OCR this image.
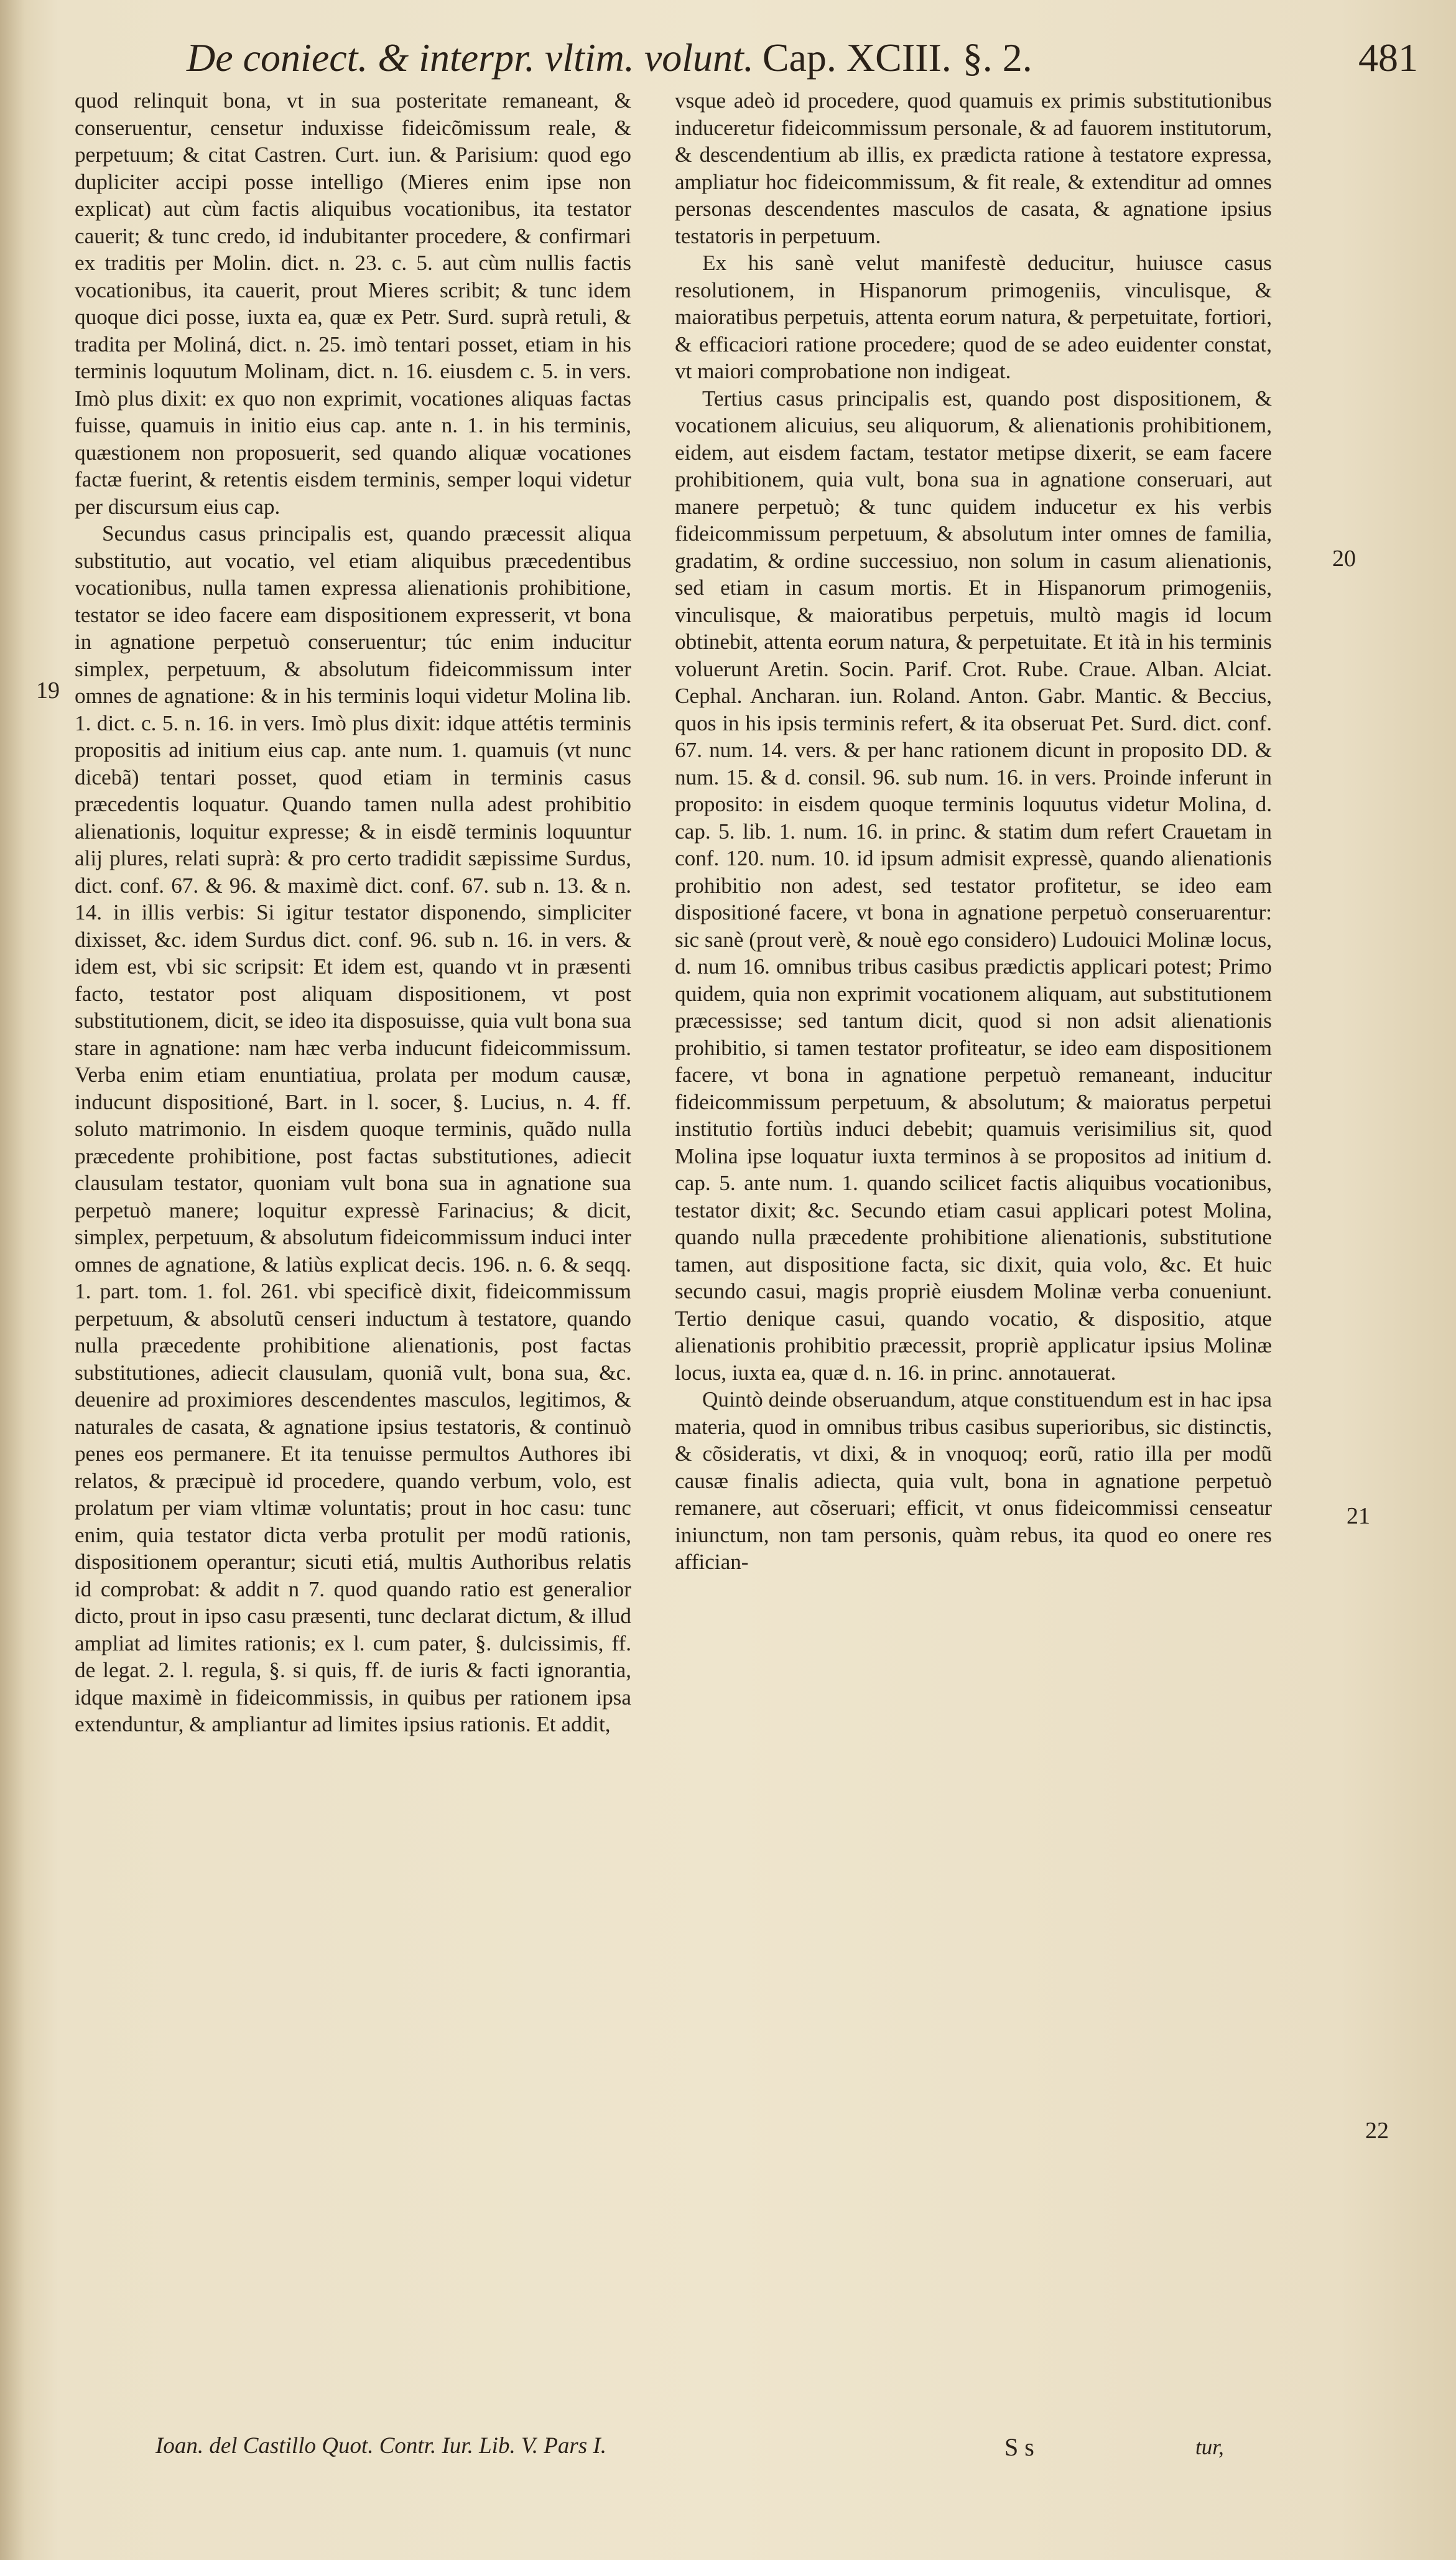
De coniect. & interpr. vltim. volunt. Cap. XCIII. §. 2.	481

quod relinquit bona, vt in sua posteritate remaneant, & conseruentur, censetur induxisse fideicõmissum reale, & perpetuum; & citat Castren. Curt. iun. & Parisium: quod ego dupliciter accipi posse intelligo (Mieres enim ipse non explicat) aut cùm factis aliquibus vocationibus, ita testator cauerit; & tunc credo, id indubitanter procedere, & confirmari ex traditis per Molin. dict. n. 23. c. 5. aut cùm nullis factis vocationibus, ita cauerit, prout Mieres scribit; & tunc idem quoque dici posse, iuxta ea, quæ ex Petr. Surd. suprà retuli, & tradita per Moliná, dict. n. 25. imò tentari posset, etiam in his terminis loquutum Molinam, dict. n. 16. eiusdem c. 5. in vers. Imò plus dixit: ex quo non exprimit, vocationes aliquas factas fuisse, quamuis in initio eius cap. ante n. 1. in his terminis, quæstionem non proposuerit, sed quando aliquæ vocationes factæ fuerint, & retentis eisdem terminis, semper loqui videtur per discursum eius cap.

Secundus casus principalis est, quando præcessit aliqua substitutio, aut vocatio, vel etiam aliquibus præcedentibus vocationibus, nulla tamen expressa alienationis prohibitione, testator se ideo facere eam dispositionem expresserit, vt bona in agnatione perpetuò conseruentur; túc enim inducitur simplex, perpetuum, & absolutum fideicommissum inter omnes de agnatione: & in his terminis loqui videtur Molina lib. 1. dict. c. 5. n. 16. in vers. Imò plus dixit: idque attétis terminis propositis ad initium eius cap. ante num. 1. quamuis (vt nunc dicebã) tentari posset, quod etiam in terminis casus præcedentis loquatur. Quando tamen nulla adest prohibitio alienationis, loquitur expresse; & in eisdẽ terminis loquuntur alij plures, relati suprà: & pro certo tradidit sæpissime Surdus, dict. conf. 67. & 96. & maximè dict. conf. 67. sub n. 13. & n. 14. in illis verbis: Si igitur testator disponendo, simpliciter dixisset, &c. idem Surdus dict. conf. 96. sub n. 16. in vers. & idem est, vbi sic scripsit: Et idem est, quando vt in præsenti facto, testator post aliquam dispositionem, vt post substitutionem, dicit, se ideo ita disposuisse, quia vult bona sua stare in agnatione: nam hæc verba inducunt fideicommissum. Verba enim etiam enuntiatiua, prolata per modum causæ, inducunt dispositioné, Bart. in l. socer, §. Lucius, n. 4. ff. soluto matrimonio. In eisdem quoque terminis, quãdo nulla præcedente prohibitione, post factas substitutiones, adiecit clausulam testator, quoniam vult bona sua in agnatione sua perpetuò manere; loquitur expressè Farinacius; & dicit, simplex, perpetuum, & absolutum fideicommissum induci inter omnes de agnatione, & latiùs explicat decis. 196. n. 6. & seqq. 1. part. tom. 1. fol. 261. vbi specificè dixit, fideicommissum perpetuum, & absolutũ censeri inductum à testatore, quando nulla præcedente prohibitione alienationis, post factas substitutiones, adiecit clausulam, quoniã vult, bona sua, &c. deuenire ad proximiores descendentes masculos, legitimos, & naturales de casata, & agnatione ipsius testatoris, & continuò penes eos permanere. Et ita tenuisse permultos Authores ibi relatos, & præcipuè id procedere, quando verbum, volo, est prolatum per viam vltimæ voluntatis; prout in hoc casu: tunc enim, quia testator dicta verba protulit per modũ rationis, dispositionem operantur; sicuti etiá, multis Authoribus relatis id comprobat: & addit n 7. quod quando ratio est generalior dicto, prout in ipso casu præsenti, tunc declarat dictum, & illud ampliat ad limites rationis; ex l. cum pater, §. dulcissimis, ff. de legat. 2. l. regula, §. si quis, ff. de iuris & facti ignorantia, idque maximè in fideicommissis, in quibus per rationem ipsa extenduntur, & ampliantur ad limites ipsius rationis. Et addit,

vsque adeò id procedere, quod quamuis ex primis substitutionibus induceretur fideicommissum personale, & ad fauorem institutorum, & descendentium ab illis, ex prædicta ratione à testatore expressa, ampliatur hoc fideicommissum, & fit reale, & extenditur ad omnes personas descendentes masculos de casata, & agnatione ipsius testatoris in perpetuum.

Ex his sanè velut manifestè deducitur, huiusce casus resolutionem, in Hispanorum primogeniis, vinculisque, & maioratibus perpetuis, attenta eorum natura, & perpetuitate, fortiori, & efficaciori ratione procedere; quod de se adeo euidenter constat, vt maiori comprobatione non indigeat.

Tertius casus principalis est, quando post dispositionem, & vocationem alicuius, seu aliquorum, & alienationis prohibitionem, eidem, aut eisdem factam, testator metipse dixerit, se eam facere prohibitionem, quia vult, bona sua in agnatione conseruari, aut manere perpetuò; & tunc quidem inducetur ex his verbis fideicommissum perpetuum, & absolutum inter omnes de familia, gradatim, & ordine successiuo, non solum in casum alienationis, sed etiam in casum mortis. Et in Hispanorum primogeniis, vinculisque, & maioratibus perpetuis, multò magis id locum obtinebit, attenta eorum natura, & perpetuitate. Et ità in his terminis voluerunt Aretin. Socin. Parif. Crot. Rube. Craue. Alban. Alciat. Cephal. Ancharan. iun. Roland. Anton. Gabr. Mantic. & Beccius, quos in his ipsis terminis refert, & ita obseruat Pet. Surd. dict. conf. 67. num. 14. vers. & per hanc rationem dicunt in proposito DD. & num. 15. & d. consil. 96. sub num. 16. in vers. Proinde inferunt in proposito: in eisdem quoque terminis loquutus videtur Molina, d. cap. 5. lib. 1. num. 16. in princ. & statim dum refert Crauetam in conf. 120. num. 10. id ipsum admisit expressè, quando alienationis prohibitio non adest, sed testator profitetur, se ideo eam dispositioné facere, vt bona in agnatione perpetuò conseruarentur: sic sanè (prout verè, & nouè ego considero) Ludouici Molinæ locus, d. num 16. omnibus tribus casibus prædictis applicari potest; Primo quidem, quia non exprimit vocationem aliquam, aut substitutionem præcessisse; sed tantum dicit, quod si non adsit alienationis prohibitio, si tamen testator profiteatur, se ideo eam dispositionem facere, vt bona in agnatione perpetuò remaneant, inducitur fideicommissum perpetuum, & absolutum; & maioratus perpetui institutio fortiùs induci debebit; quamuis verisimilius sit, quod Molina ipse loquatur iuxta terminos à se propositos ad initium d. cap. 5. ante num. 1. quando scilicet factis aliquibus vocationibus, testator dixit; &c. Secundo etiam casui applicari potest Molina, quando nulla præcedente prohibitione alienationis, substitutione tamen, aut dispositione facta, sic dixit, quia volo, &c. Et huic secundo casui, magis propriè eiusdem Molinæ verba conueniunt. Tertio denique casui, quando vocatio, & dispositio, atque alienationis prohibitio præcessit, propriè applicatur ipsius Molinæ locus, iuxta ea, quæ d. n. 16. in princ. annotauerat.

Quintò deinde obseruandum, atque constituendum est in hac ipsa materia, quod in omnibus tribus casibus superioribus, sic distinctis, & cõsideratis, vt dixi, & in vnoquoq; eorũ, ratio illa per modũ causæ finalis adiecta, quia vult, bona in agnatione perpetuò remanere, aut cõseruari; efficit, vt onus fideicommissi censeatur iniunctum, non tam personis, quàm rebus, ita quod eo onere res affician-

19
20
21
22
Ioan. del Castillo Quot. Contr. Iur. Lib. V. Pars I.	S s	tur,
